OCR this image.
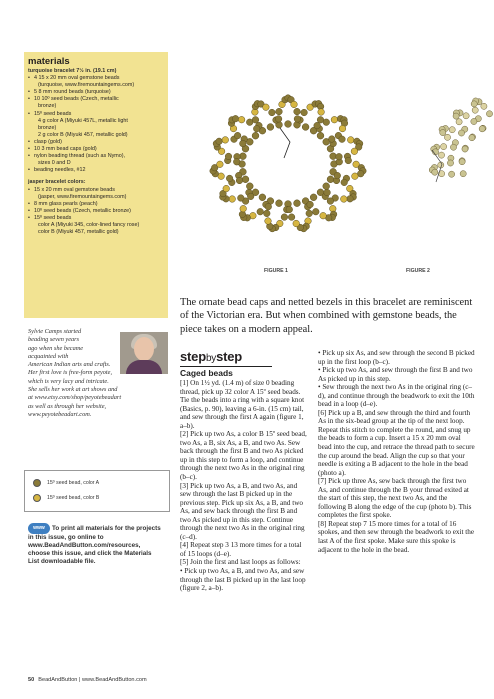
materials
turquoise bracelet 7½ in. (19.1 cm)
• 4 15 x 20 mm oval gemstone beads
(turquoise, www.firemountaingems.com)
• 5 8 mm round beads (turquoise)
• 10 10º seed beads (Czech, metallic
bronze)
• 15º seed beads
4 g color A (Miyuki 457L, metallic light
bronze)
2 g color B (Miyuki 457, metallic gold)
• clasp (gold)
• 10 3 mm bead caps (gold)
• nylon beading thread (such as Nymo),
sizes 0 and D
• beading needles, #12
jasper bracelet colors:
• 15 x 20 mm oval gemstone beads
(jasper, www.firemountaingems.com)
• 8 mm glass pearls (peach)
• 10º seed beads (Czech, metallic bronze)
• 15º seed beads
color A (Miyuki 345, color-lined fancy rose)
color B (Miyuki 457, metallic gold)
Sylvie Camps started
beading seven years
ago when she became
acquainted with
American Indian arts and crafts.
Her first love is free-form peyote,
which is very lacy and intricate.
She sells her work at art shows and
at www.etsy.com/shop/peyotebeadart
as well as through her website,
www.peyotebeadart.com.
15º seed bead, color A
15º seed bead, color B
www To print all materials for the projects in this issue, go online to www.BeadAndButton.com/resources, choose this issue, and click the Materials List downloadable file.
50 BeadAndButton | www.BeadAndButton.com
FIGURE 1	FIGURE 2
The ornate bead caps and netted bezels in this bracelet are reminiscent of the Victorian era. But when combined with gemstone beads, the piece takes on a modern appeal.
stepbystep
Caged beads

[1] On 1½ yd. (1.4 m) of size 0 beading thread, pick up 32 color A 15º seed beads. Tie the beads into a ring with a square knot (Basics, p. 90), leaving a 6-in. (15 cm) tail, and sew through the first A again (figure 1, a–b).

[2] Pick up two As, a color B 15º seed bead, two As, a B, six As, a B, and two As. Sew back through the first B and two As picked up in this step to form a loop, and continue through the next two As in the original ring (b–c).

[3] Pick up two As, a B, and two As, and sew through the last B picked up in the previous step. Pick up six As, a B, and two As, and sew back through the first B and two As picked up in this step. Continue through the next two As in the original ring (c–d).

[4] Repeat step 3 13 more times for a total of 15 loops (d–e).

[5] Join the first and last loops as follows:

• Pick up two As, a B, and two As, and sew through the last B picked up in the last loop (figure 2, a–b).

• Pick up six As, and sew through the second B picked up in the first loop (b–c).

• Pick up two As, and sew through the first B and two As picked up in this step.

• Sew through the next two As in the original ring (c–d), and continue through the beadwork to exit the 10th bead in a loop (d–e).

[6] Pick up a B, and sew through the third and fourth As in the six-bead group at the tip of the next loop. Repeat this stitch to complete the round, and snug up the beads to form a cup. Insert a 15 x 20 mm oval bead into the cup, and retrace the thread path to secure the cup around the bead. Align the cup so that your needle is exiting a B adjacent to the hole in the bead (photo a).

[7] Pick up three As, sew back through the first two As, and continue through the B your thread exited at the start of this step, the next two As, and the following B along the edge of the cup (photo b). This completes the first spoke.

[8] Repeat step 7 15 more times for a total of 16 spokes, and then sew through the beadwork to exit the last A of the first spoke. Make sure this spoke is adjacent to the hole in the bead.
